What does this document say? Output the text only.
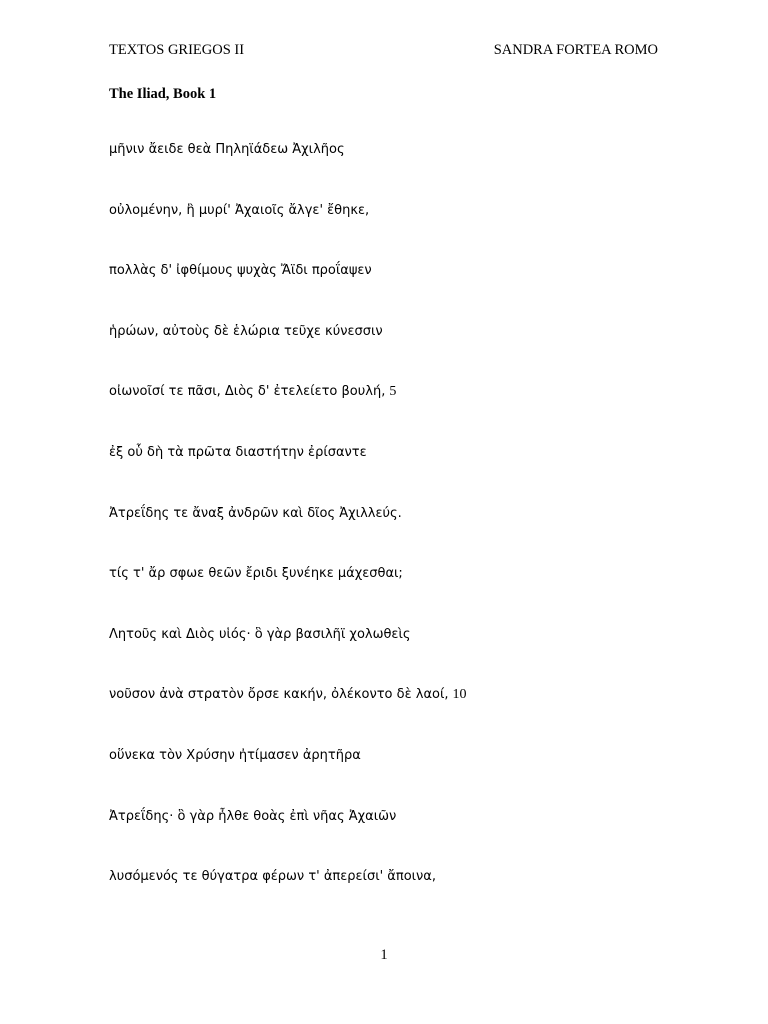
TEXTOS GRIEGOS II	SANDRA FORTEA ROMO
The Iliad, Book 1
μῆνιν ἄειδε θεὰ Πηληϊάδεω Ἀχιλῆος
οὐλομένην, ἣ μυρί' Ἀχαιοῖς ἄλγε' ἔθηκε,
πολλὰς δ' ἰφθίμους ψυχὰς Ἄϊδι προΐαψεν
ἡρώων, αὐτοὺς δὲ ἑλώρια τεῦχε κύνεσσιν
οἰωνοῖσί τε πᾶσι, Διὸς δ' ἐτελείετο βουλή, 5
ἐξ οὗ δὴ τὰ πρῶτα διαστήτην ἐρίσαντε
Ἀτρεΐδης τε ἄναξ ἀνδρῶν καὶ δῖος Ἀχιλλεύς.
τίς τ' ἄρ σφωε θεῶν ἔριδι ξυνέηκε μάχεσθαι;
Λητοῦς καὶ Διὸς υἱός· ὃ γὰρ βασιλῆϊ χολωθεὶς
νοῦσον ἀνὰ στρατὸν ὄρσε κακήν, ὀλέκοντο δὲ λαοί, 10
οὕνεκα τὸν Χρύσην ἠτίμασεν ἀρητῆρα
Ἀτρεΐδης· ὃ γὰρ ἦλθε θοὰς ἐπὶ νῆας Ἀχαιῶν
λυσόμενός τε θύγατρα φέρων τ' ἀπερείσι' ἄποινα,
1
